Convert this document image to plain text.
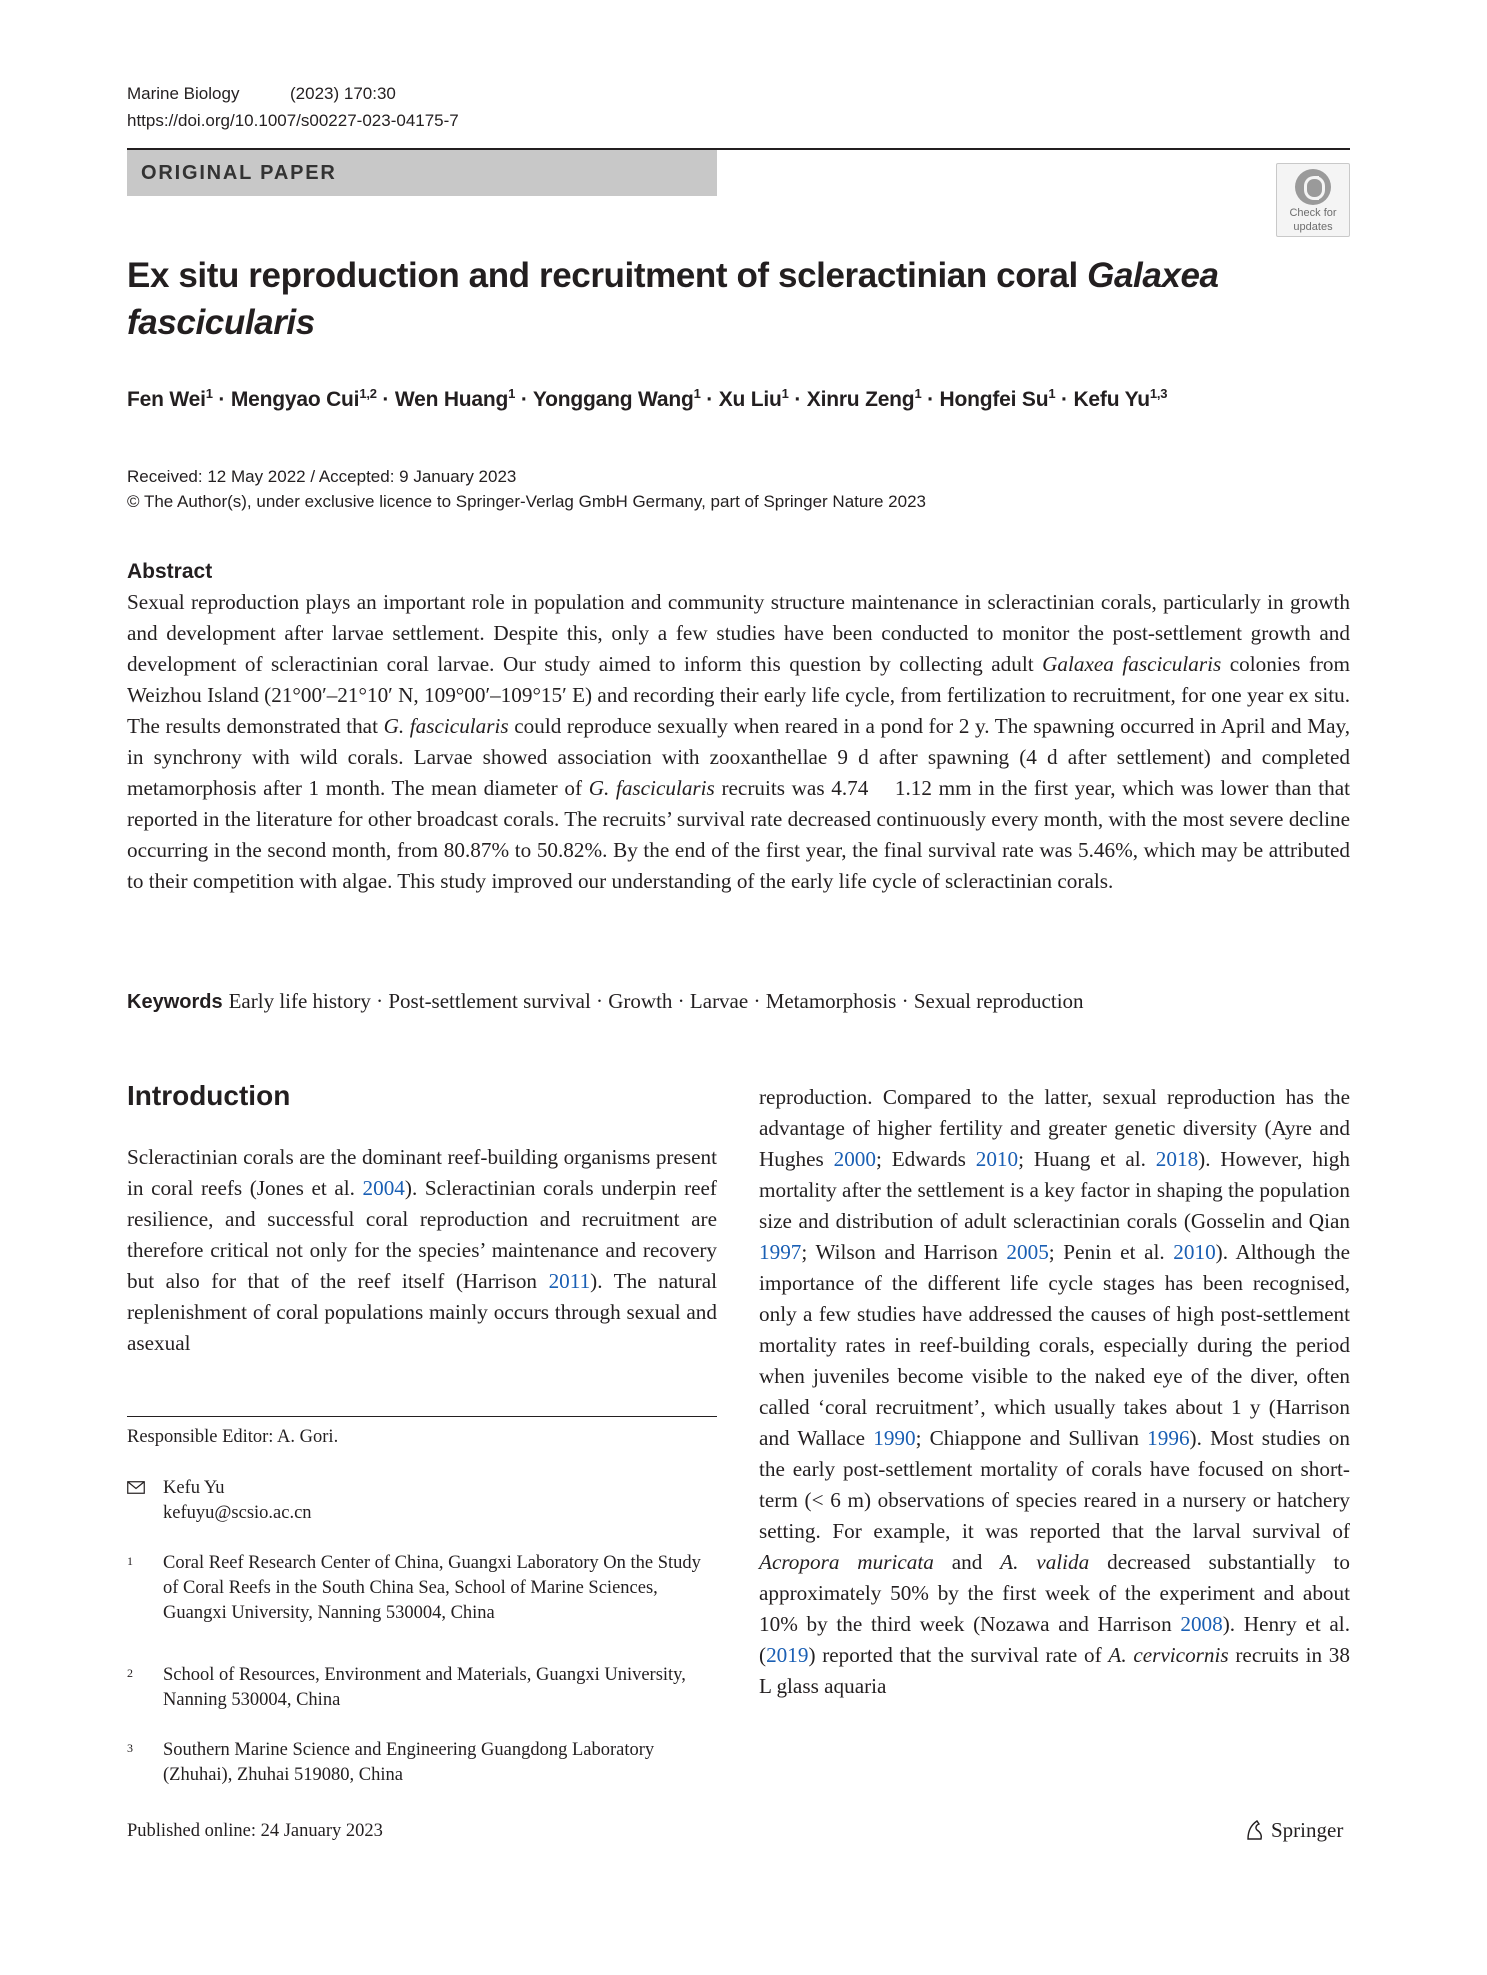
Marine Biology	(2023) 170:30
https://doi.org/10.1007/s00227-023-04175-7
ORIGINAL PAPER
Check for
updates
Ex situ reproduction and recruitment of scleractinian coral Galaxea fascicularis
Fen Wei$^1$ · Mengyao Cui$^{1,2}$ · Wen Huang$^1$ · Yonggang Wang$^1$ · Xu Liu$^1$ · Xinru Zeng$^1$ · Hongfei $Su^1$ · Kefu Yu$^{1,3}$
Received: 12 May 2022 / Accepted: 9 January 2023
© The Author(s), under exclusive licence to Springer-Verlag GmbH Germany, part of Springer Nature 2023
Abstract

Sexual reproduction plays an important role in population and community structure maintenance in scleractinian corals, particularly in growth and development after larvae settlement. Despite this, only a few studies have been conducted to monitor the post-settlement growth and development of scleractinian coral larvae. Our study aimed to inform this question by collecting adult Galaxea fascicularis colonies from Weizhou Island (21°00′–21°10′ N, 109°00′–109°15′ E) and recording their early life cycle, from fertilization to recruitment, for one year ex situ. The results demonstrated that G. fascicularis could reproduce sexually when reared in a pond for 2 y. The spawning occurred in April and May, in synchrony with wild corals. Larvae showed association with zooxanthellae 9 d after spawning (4 d after settlement) and completed metamorphosis after 1 month. The mean diameter of G. fascicularis recruits was 4.74    1.12 mm in the first year, which was lower than that reported in the literature for other broadcast corals. The recruits’ survival rate decreased continuously every month, with the most severe decline occurring in the second month, from 80.87% to 50.82%. By the end of the first year, the final survival rate was 5.46%, which may be attributed to their competition with algae. This study improved our understanding of the early life cycle of scleractinian corals.

Keywords Early life history · Post-settlement survival · Growth · Larvae · Metamorphosis · Sexual reproduction
Introduction

Scleractinian corals are the dominant reef-building organisms present in coral reefs (Jones et al. 2004). Scleractinian corals underpin reef resilience, and successful coral reproduction and recruitment are therefore critical not only for the species’ maintenance and recovery but also for that of the reef itself (Harrison 2011). The natural replenishment of coral populations mainly occurs through sexual and asexual

reproduction. Compared to the latter, sexual reproduction has the advantage of higher fertility and greater genetic diversity (Ayre and Hughes 2000; Edwards 2010; Huang et al. 2018). However, high mortality after the settlement is a key factor in shaping the population size and distribution of adult scleractinian corals (Gosselin and Qian 1997; Wilson and Harrison 2005; Penin et al. 2010). Although the importance of the different life cycle stages has been recognised, only a few studies have addressed the causes of high post-settlement mortality rates in reef-building corals, especially during the period when juveniles become visible to the naked eye of the diver, often called ‘coral recruitment’, which usually takes about 1 y (Harrison and Wallace 1990; Chiappone and Sullivan 1996). Most studies on the early post-settlement mortality of corals have focused on short-term (< 6 m) observations of species reared in a nursery or hatchery setting. For example, it was reported that the larval survival of Acropora muricata and A. valida decreased substantially to approximately 50% by the first week of the experiment and about 10% by the third week (Nozawa and Harrison 2008). Henry et al. (2019) reported that the survival rate of A. cervicornis recruits in 38 L glass aquaria

Responsible Editor: A. Gori.
Kefu Yu
kefuyu@scsio.ac.cn
1 Coral Reef Research Center of China, Guangxi Laboratory On the Study of Coral Reefs in the South China Sea, School of Marine Sciences, Guangxi University, Nanning 530004, China
2 School of Resources, Environment and Materials, Guangxi University, Nanning 530004, China
3 Southern Marine Science and Engineering Guangdong Laboratory (Zhuhai), Zhuhai 519080, China
Published online: 24 January 2023	Springer
